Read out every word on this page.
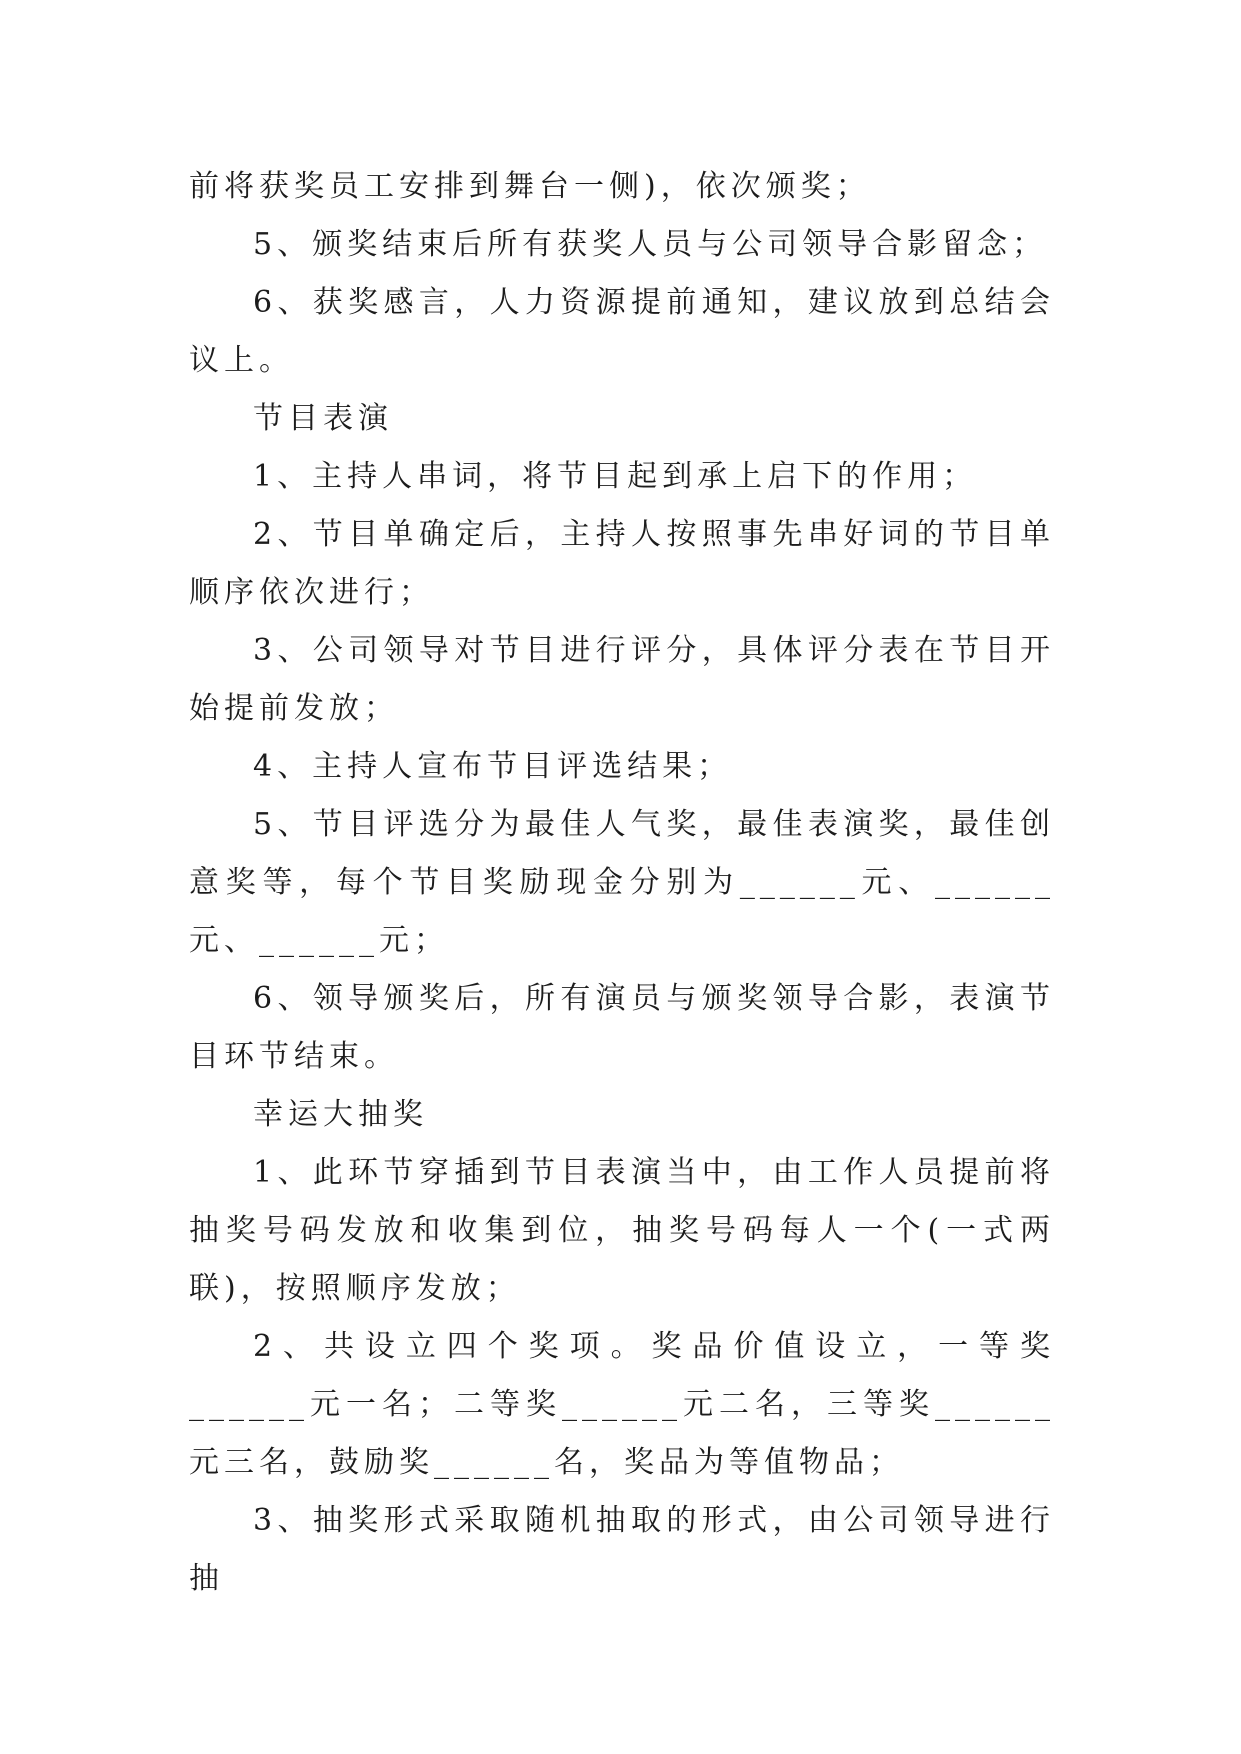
前将获奖员工安排到舞台一侧)，依次颁奖；

5、颁奖结束后所有获奖人员与公司领导合影留念；

6、获奖感言，人力资源提前通知，建议放到总结会议上。

节目表演

1、主持人串词，将节目起到承上启下的作用；

2、节目单确定后，主持人按照事先串好词的节目单顺序依次进行；

3、公司领导对节目进行评分，具体评分表在节目开始提前发放；

4、主持人宣布节目评选结果；

5、节目评选分为最佳人气奖，最佳表演奖，最佳创意奖等，每个节目奖励现金分别为______元、______元、______元；

6、领导颁奖后，所有演员与颁奖领导合影，表演节目环节结束。

幸运大抽奖

1、此环节穿插到节目表演当中，由工作人员提前将抽奖号码发放和收集到位，抽奖号码每人一个(一式两联)，按照顺序发放；

2、共设立四个奖项。奖品价值设立，一等奖______元一名；二等奖______元二名，三等奖______元三名，鼓励奖______名，奖品为等值物品；

3、抽奖形式采取随机抽取的形式，由公司领导进行抽
